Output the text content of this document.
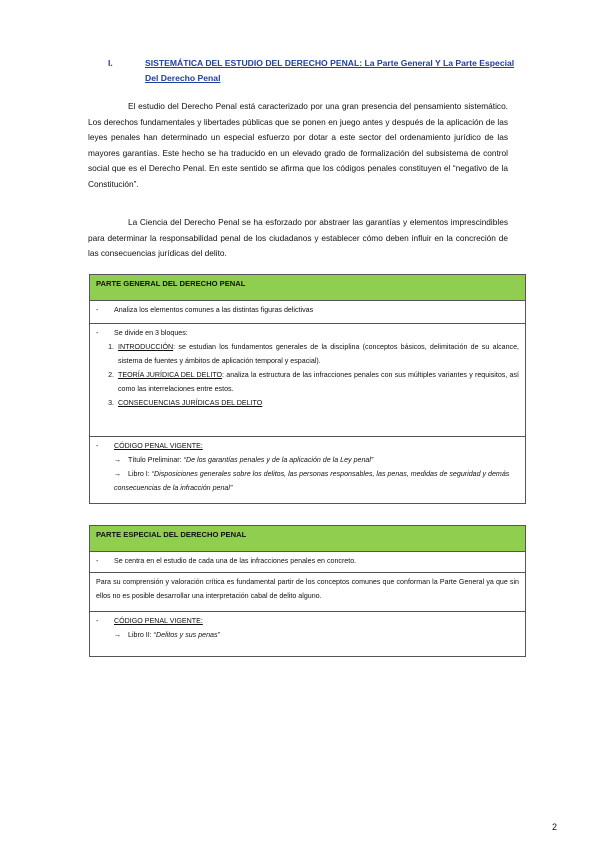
I.	SISTEMÁTICA DEL ESTUDIO DEL DERECHO PENAL: La Parte General Y La Parte Especial Del Derecho Penal

El estudio del Derecho Penal está caracterizado por una gran presencia del pensamiento sistemático. Los derechos fundamentales y libertades públicas que se ponen en juego antes y después de la aplicación de las leyes penales han determinado un especial esfuerzo por dotar a este sector del ordenamiento jurídico de las mayores garantías. Este hecho se ha traducido en un elevado grado de formalización del subsistema de control social que es el Derecho Penal. En este sentido se afirma que los códigos penales constituyen el “negativo de la Constitución”.

La Ciencia del Derecho Penal se ha esforzado por abstraer las garantías y elementos imprescindibles para determinar la responsabilidad penal de los ciudadanos y establecer cómo deben influir en la concreción de las consecuencias jurídicas del delito.

PARTE GENERAL DEL DERECHO PENAL
- Analiza los elementos comunes a las distintas figuras delictivas

- Se divide en 3 bloques:
1. INTRODUCCIÓN: se estudian los fundamentos generales de la disciplina (conceptos básicos, delimitación de su alcance, sistema de fuentes y ámbitos de aplicación temporal y espacial).
2. TEORÍA JURÍDICA DEL DELITO: analiza la estructura de las infracciones penales con sus múltiples variantes y requisitos, así como las interrelaciones entre estos.
3. CONSECUENCIAS JURÍDICAS DEL DELITO

- CÓDIGO PENAL VIGENTE:
→ Título Preliminar: “De los garantías penales y de la aplicación de la Ley penal”
→ Libro I: “Disposiciones generales sobre los delitos, las personas responsables, las penas, medidas de seguridad y demás consecuencias de la infracción penal”
PARTE ESPECIAL DEL DERECHO PENAL
- Se centra en el estudio de cada una de las infracciones penales en concreto.
Para su comprensión y valoración crítica es fundamental partir de los conceptos comunes que conforman la Parte General ya que sin ellos no es posible desarrollar una interpretación cabal de delito alguno.

- CÓDIGO PENAL VIGENTE:
→ Libro II: “Delitos y sus penas”
2
